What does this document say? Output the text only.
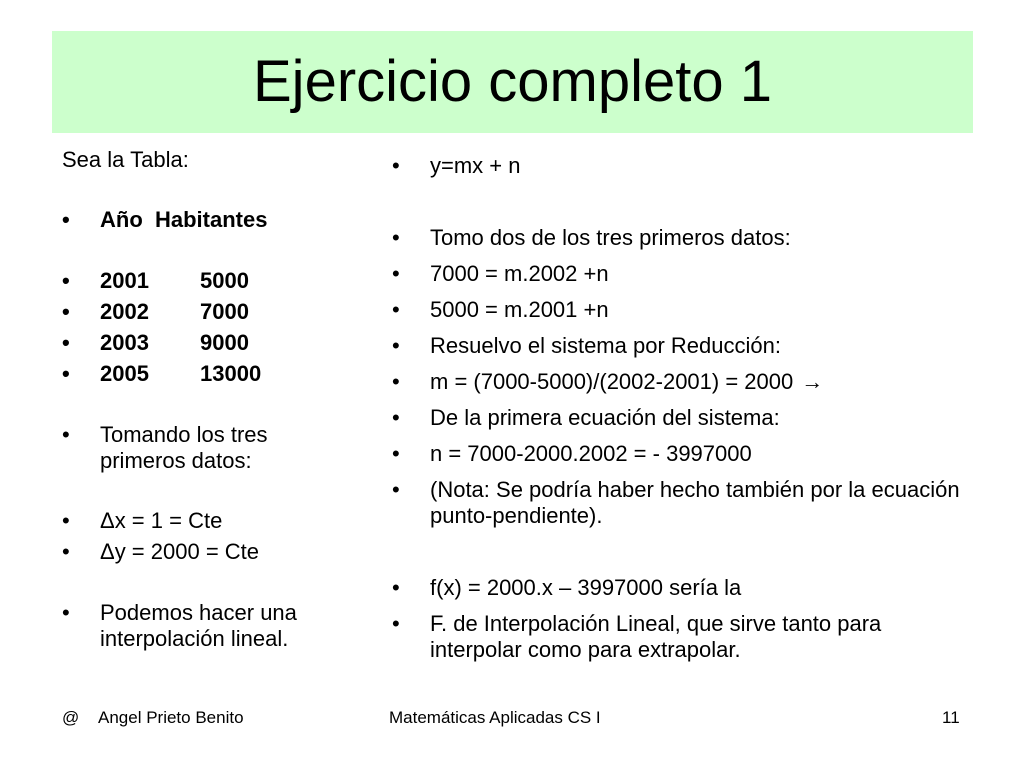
Ejercicio completo 1

Sea la Tabla:

• Año Habitantes
• 2001 5000
• 2002 7000
• 2003 9000
• 2005 13000
• Tomando los tres primeros datos:
• Δx = 1 = Cte
• Δy = 2000 = Cte
• Podemos hacer una interpolación lineal.
• y=mx + n
• Tomo dos de los tres primeros datos:
• 7000 = m.2002 +n
• 5000 = m.2001 +n
• Resuelvo el sistema por Reducción:
• m = (7000-5000)/(2002-2001) = 2000 →
• De la primera ecuación del sistema:
• n = 7000-2000.2002 = - 3997000
• (Nota: Se podría haber hecho también por la ecuación punto-pendiente).
• f(x) = 2000.x – 3997000 sería la
• F. de Interpolación Lineal, que sirve tanto para interpolar como para extrapolar.
@ Angel Prieto Benito	Matemáticas Aplicadas CS I	11
